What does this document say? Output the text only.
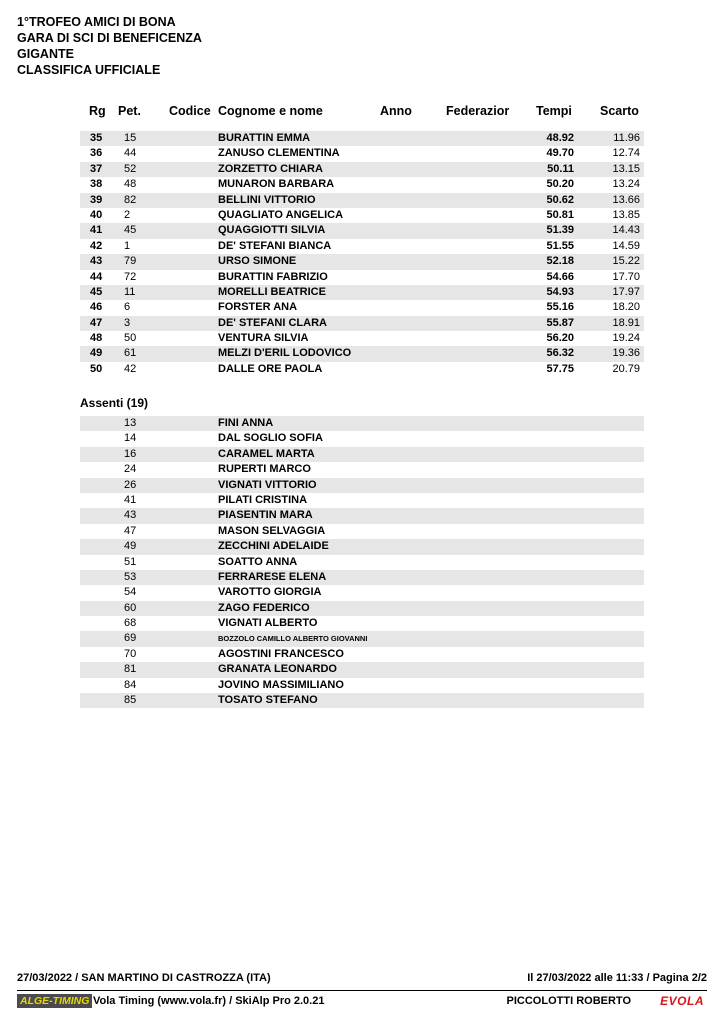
1°TROFEO AMICI DI BONA
GARA DI SCI DI BENEFICENZA
GIGANTE
CLASSIFICA UFFICIALE
Rg Pet. Codice Cognome e nome	Anno	Federazior Tempi Scarto
35 15	BURATTIN EMMA	48.92	11.96
36 44	ZANUSO CLEMENTINA	49.70	12.74
37 52	ZORZETTO CHIARA	50.11	13.15
38 48	MUNARON BARBARA	50.20	13.24
39 82	BELLINI VITTORIO	50.62	13.66
40 2	QUAGLIATO ANGELICA	50.81	13.85
41 45	QUAGGIOTTI SILVIA	51.39	14.43
42 1	DE' STEFANI BIANCA	51.55	14.59
43 79	URSO SIMONE	52.18	15.22
44 72	BURATTIN FABRIZIO	54.66	17.70
45 11	MORELLI BEATRICE	54.93	17.97
46 6	FORSTER ANA	55.16	18.20
47 3	DE' STEFANI CLARA	55.87	18.91
48 50	VENTURA SILVIA	56.20	19.24
49 61	MELZI D'ERIL LODOVICO	56.32	19.36
50 42	DALLE ORE PAOLA	57.75	20.79
Assenti (19)
13	FINI ANNA
14	DAL SOGLIO SOFIA
16	CARAMEL MARTA
24	RUPERTI MARCO
26	VIGNATI VITTORIO
41	PILATI CRISTINA
43	PIASENTIN MARA
47	MASON SELVAGGIA
49	ZECCHINI ADELAIDE
51	SOATTO ANNA
53	FERRARESE ELENA
54	VAROTTO GIORGIA
60	ZAGO FEDERICO
68	VIGNATI ALBERTO
69	BOZZOLO CAMILLO ALBERTO GIOVANNI
70	AGOSTINI FRANCESCO
81	GRANATA LEONARDO
84	JOVINO MASSIMILIANO
85	TOSATO STEFANO
27/03/2022 / SAN MARTINO DI CASTROZZA (ITA)	Il 27/03/2022 alle 11:33 / Pagina 2/2
ALGE-TIMING Vola Timing (www.vola.fr) / SkiAlp Pro 2.0.21	PICCOLOTTI ROBERTO EVOLA
